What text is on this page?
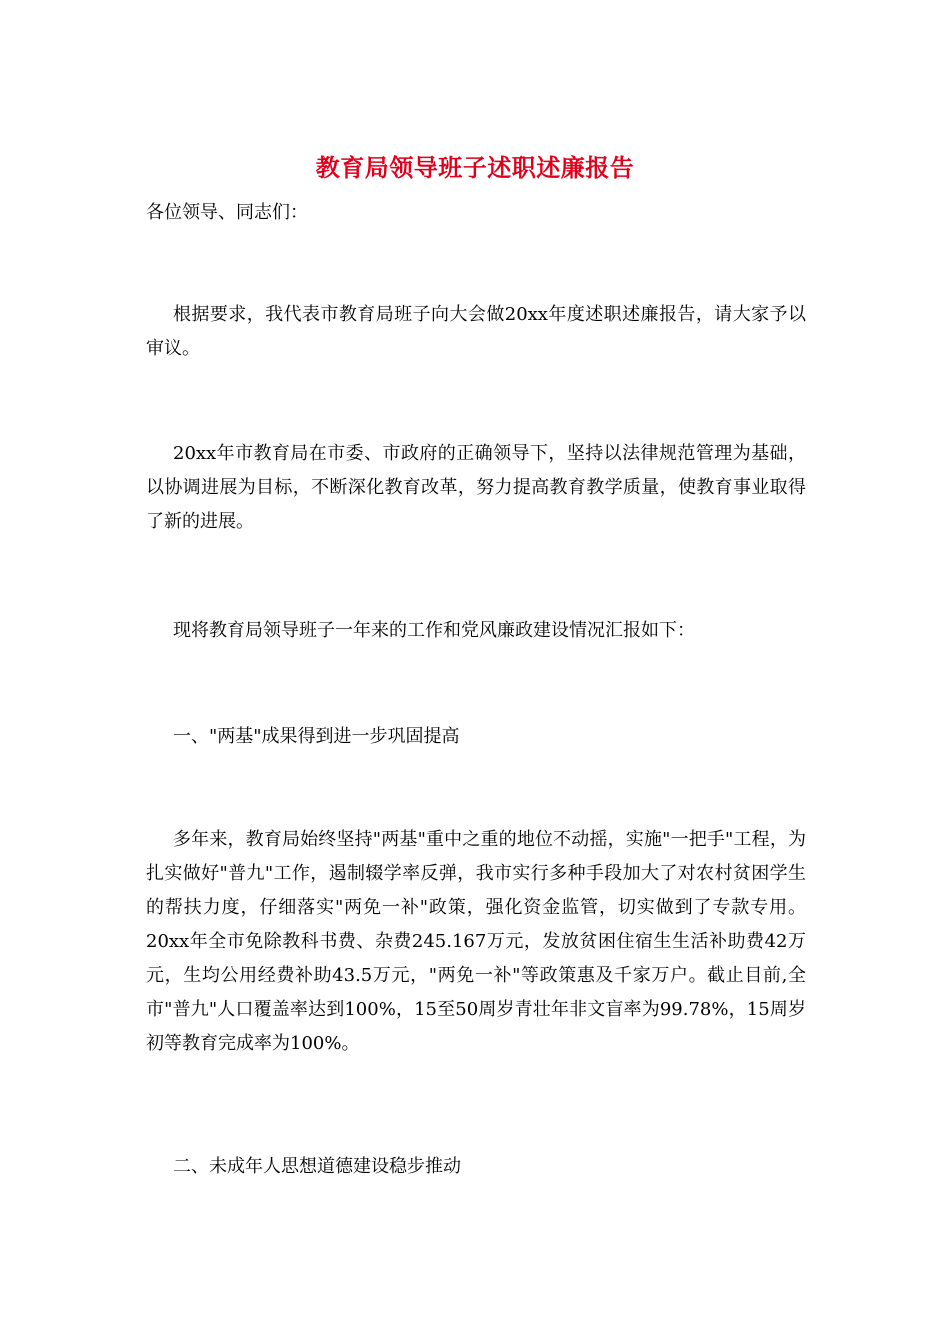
教育局领导班子述职述廉报告
各位领导、同志们：
根据要求，我代表市教育局班子向大会做20xx年度述职述廉报告，请大家予以审议。
20xx年市教育局在市委、市政府的正确领导下，坚持以法律规范管理为基础，以协调进展为目标，不断深化教育改革，努力提高教育教学质量，使教育事业取得了新的进展。
现将教育局领导班子一年来的工作和党风廉政建设情况汇报如下：
一、"两基"成果得到进一步巩固提高
多年来，教育局始终坚持"两基"重中之重的地位不动摇，实施"一把手"工程，为扎实做好"普九"工作，遏制辍学率反弹，我市实行多种手段加大了对农村贫困学生的帮扶力度，仔细落实"两免一补"政策，强化资金监管，切实做到了专款专用。20xx年全市免除教科书费、杂费245.167万元，发放贫困住宿生生活补助费42万元，生均公用经费补助43.5万元，"两免一补"等政策惠及千家万户。截止目前,全市"普九"人口覆盖率达到100%，15至50周岁青壮年非文盲率为99.78%，15周岁初等教育完成率为100%。
二、未成年人思想道德建设稳步推动
